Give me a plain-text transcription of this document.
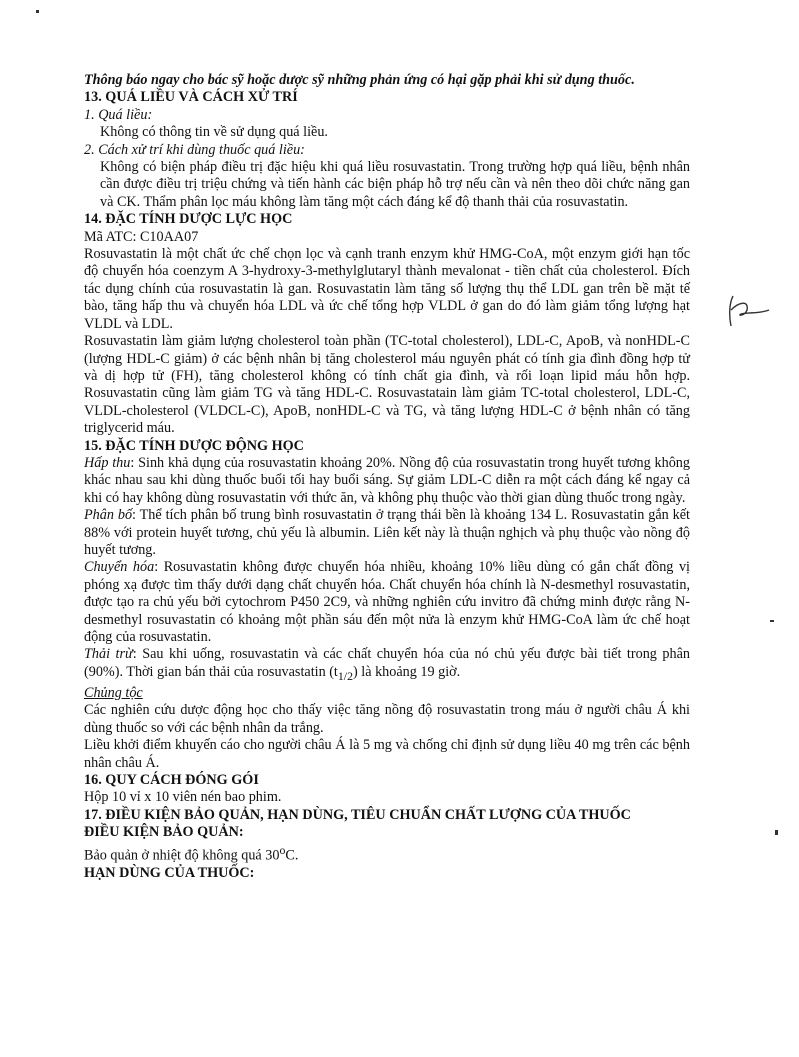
Thông báo ngay cho bác sỹ hoặc dược sỹ những phản ứng có hại gặp phải khi sử dụng thuốc.

13. QUÁ LIỀU VÀ CÁCH XỬ TRÍ

1. Quá liều:

Không có thông tin về sử dụng quá liều.

2. Cách xử trí khi dùng thuốc quá liều:

Không có biện pháp điều trị đặc hiệu khi quá liều rosuvastatin. Trong trường hợp quá liều, bệnh nhân cần được điều trị triệu chứng và tiến hành các biện pháp hỗ trợ nếu cần và nên theo dõi chức năng gan và CK. Thẩm phân lọc máu không làm tăng một cách đáng kể độ thanh thải của rosuvastatin.

14. ĐẶC TÍNH DƯỢC LỰC HỌC

Mã ATC: C10AA07

Rosuvastatin là một chất ức chế chọn lọc và cạnh tranh enzym khử HMG-CoA, một enzym giới hạn tốc độ chuyển hóa coenzym A 3-hydroxy-3-methylglutaryl thành mevalonat - tiền chất của cholesterol. Đích tác dụng chính của rosuvastatin là gan. Rosuvastatin làm tăng số lượng thụ thể LDL gan trên bề mặt tế bào, tăng hấp thu và chuyển hóa LDL và ức chế tổng hợp VLDL ở gan do đó làm giảm tổng lượng hạt VLDL và LDL.

Rosuvastatin làm giảm lượng cholesterol toàn phần (TC-total cholesterol), LDL-C, ApoB, và nonHDL-C (lượng HDL-C giảm) ở các bệnh nhân bị tăng cholesterol máu nguyên phát có tính gia đình đồng hợp tử và dị hợp tử (FH), tăng cholesterol không có tính chất gia đình, và rối loạn lipid máu hỗn hợp. Rosuvastatin cũng làm giảm TG và tăng HDL-C. Rosuvastatain làm giảm TC-total cholesterol, LDL-C, VLDL-cholesterol (VLDCL-C), ApoB, nonHDL-C và TG, và tăng lượng HDL-C ở bệnh nhân có tăng triglycerid máu.

15. ĐẶC TÍNH DƯỢC ĐỘNG HỌC

Hấp thu: Sinh khả dụng của rosuvastatin khoảng 20%. Nồng độ của rosuvastatin trong huyết tương không khác nhau sau khi dùng thuốc buổi tối hay buổi sáng. Sự giảm LDL-C diễn ra một cách đáng kể ngay cả khi có hay không dùng rosuvastatin với thức ăn, và không phụ thuộc vào thời gian dùng thuốc trong ngày.

Phân bố: Thể tích phân bố trung bình rosuvastatin ở trạng thái bền là khoảng 134 L. Rosuvastatin gắn kết 88% với protein huyết tương, chủ yếu là albumin. Liên kết này là thuận nghịch và phụ thuộc vào nồng độ huyết tương.

Chuyển hóa: Rosuvastatin không được chuyển hóa nhiều, khoảng 10% liều dùng có gắn chất đồng vị phóng xạ được tìm thấy dưới dạng chất chuyển hóa. Chất chuyển hóa chính là N-desmethyl rosuvastatin, được tạo ra chủ yếu bởi cytochrom P450 2C9, và những nghiên cứu invitro đã chứng minh được rằng N-desmethyl rosuvastatin có khoảng một phần sáu đến một nửa là enzym khử HMG-CoA làm ức chế hoạt động của rosuvastatin.

Thải trừ: Sau khi uống, rosuvastatin và các chất chuyển hóa của nó chủ yếu được bài tiết trong phân (90%). Thời gian bán thải của rosuvastatin $(t_{1/2})$ là khoảng 19 giờ.

Chủng tộc

Các nghiên cứu dược động học cho thấy việc tăng nồng độ rosuvastatin trong máu ở người châu Á khi dùng thuốc so với các bệnh nhân da trắng.

Liều khởi điểm khuyến cáo cho người châu Á là 5 mg và chống chỉ định sử dụng liều 40 mg trên các bệnh nhân châu Á.

16. QUY CÁCH ĐÓNG GÓI

Hộp 10 vỉ x 10 viên nén bao phim.

17. ĐIỀU KIỆN BẢO QUẢN, HẠN DÙNG, TIÊU CHUẨN CHẤT LƯỢNG CỦA THUỐC

ĐIỀU KIỆN BẢO QUẢN:

Bảo quản ở nhiệt độ không quá 30$^o$C.

HẠN DÙNG CỦA THUỐC:
